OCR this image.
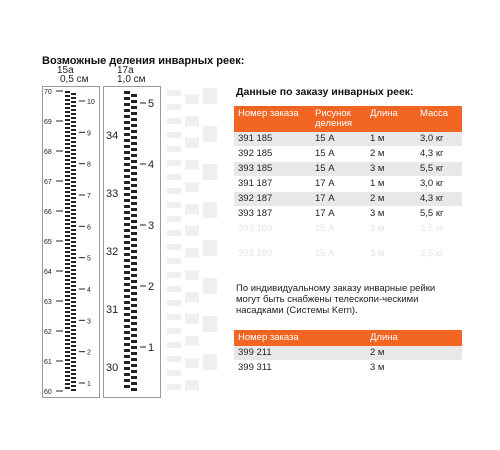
Возможные деления инварных реек:
15а
0,5 см
17а
1,0 см
70
69
68
67
66
65
64
63
62
61
60
10
9
8
7
6
5
4
3
2
1
34
33
32
31
30
5
4
3
2
1
Данные по заказу инварных реек:
Номер заказа	Рисунок деления	Длина	Масса
391 185	15 А	1 м	3,0 кг
392 185	15 А	2 м	4,3 кг
393 185	15 А	3 м	5,5 кг
391 187	17 А	1 м	3,0 кг
392 187	17 А	2 м	4,3 кг
393 187	17 А	3 м	5,5 кг
393 189	15 А	3 м	3,5 кг
393 189	15 А	3 м	3,5 кг
По индивидуальному заказу инварные рейки могут быть снабжены телескопи-ческими насадками (Системы Kern).
Номер заказа	Длина
399 211	2 м
399 311	3 м
